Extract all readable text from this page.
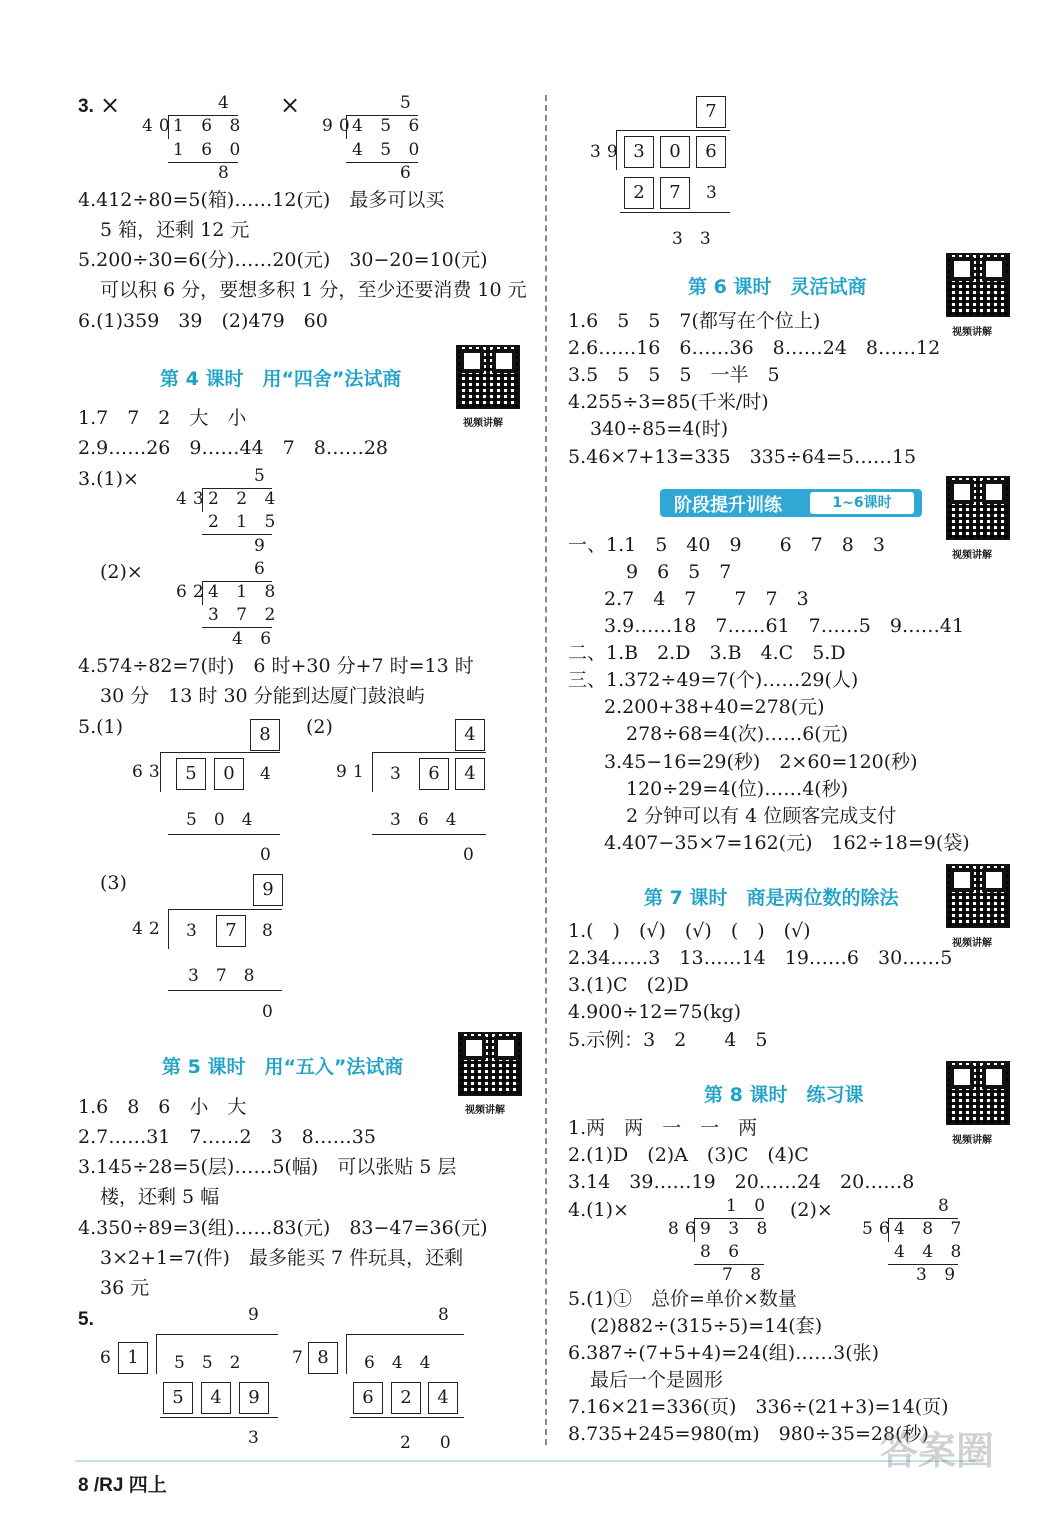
3. ×	×
4
40
1 6 8
1 6 0
8
5
90
4 5 6
4 5 0
6
4.412÷80=5(箱)……12(元)　最多可以买
5 箱，还剩 12 元
5.200÷30=6(分)……20(元)　30−20=10(元)
可以积 6 分，要想多积 1 分，至少还要消费 10 元
6.(1)359　39　(2)479　60
第 4 课时　用“四舍”法试商
视频讲解
1.7　7　2　大　小
2.9……26　9……44　7　8……28
3.(1)×	5
43
2 2 4
2 1 5
9
(2)×	6
62
4 1 8
3 7 2
4 6
4.574÷82=7(时)　6 时+30 分+7 时=13 时
30 分　13 时 30 分能到达厦门鼓浪屿
5.(1)	(2)
8
63	5	0	4
5　0　4
0
4
91 3	6	4
3　6　4
0
(3)	9
42 3	7	8
3　7　8
0
第 5 课时　用“五入”法试商
视频讲解
1.6　8　6　小　大
2.7……31　7……2　3　8……35
3.145÷28=5(层)……5(幅)　可以张贴 5 层
楼，还剩 5 幅
4.350÷89=3(组)……83(元)　83−47=36(元)
3×2+1=7(件)　最多能买 7 件玩具，还剩
36 元
5.	9
6 1	5　5　2
5	4	9
3
8
7 8	6　4　4
6	2	4
2　0
7
39 3	0	6
2	7	3
3　3
第 6 课时　灵活试商
视频讲解
1.6　5　5　7(都写在个位上)
2.6……16　6……36　8……24　8……12
3.5　5　5　5　一半　5
4.255÷3=85(千米/时)
340÷85=4(时)
5.46×7+13=335　335÷64=5……15
阶段提升训练	1~6课时
视频讲解
一、1.1　5　40　9　　6　7　8　3
9　6　5　7
2.7　4　7　　7　7　3
3.9……18　7……61　7……5　9……41
二、1.B　2.D　3.B　4.C　5.D
三、1.372÷49=7(个)……29(人)
2.200+38+40=278(元)
278÷68=4(次)……6(元)
3.45−16=29(秒)　2×60=120(秒)
120÷29=4(位)……4(秒)
2 分钟可以有 4 位顾客完成支付
4.407−35×7=162(元)　162÷18=9(袋)
第 7 课时　商是两位数的除法
视频讲解
1.(　)　(√)　(√)　(　)　(√)
2.34……3　13……14　19……6　30……5
3.(1)C　(2)D
4.900÷12=75(kg)
5.示例：3　2　　4　5
第 8 课时　练习课
视频讲解
1.两　两　一　一　两
2.(1)D　(2)A　(3)C　(4)C
3.14　39……19　20……24　20……8
4.(1)×	(2)×
1 0
86
9 3 8
8 6
7 8
8
56
4 8 7
4 4 8
3 9
5.(1)①　总价=单价×数量
(2)882÷(315÷5)=14(套)
6.387÷(7+5+4)=24(组)……3(张)
最后一个是圆形
7.16×21=336(页)　336÷(21+3)=14(页)
8.735+245=980(m)　980÷35=28(秒)
8 /RJ 四上
答案圈
